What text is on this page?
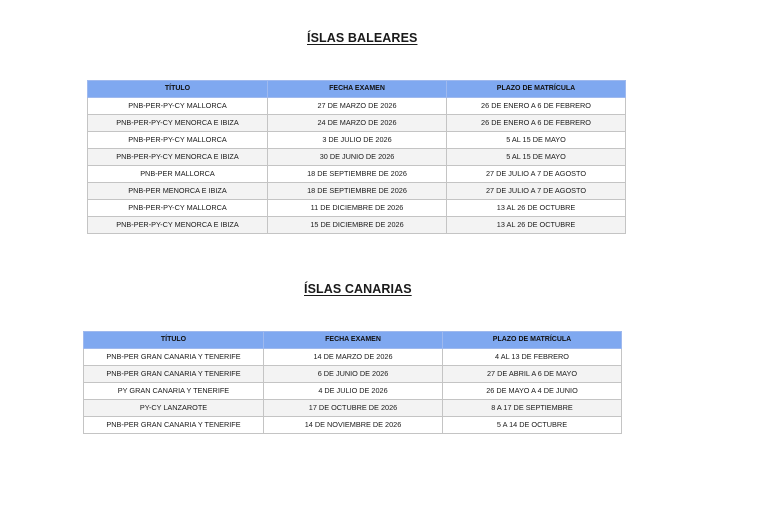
ÍSLAS BALEARES
TÍTULO	FECHA EXAMEN	PLAZO DE MATRÍCULA
PNB-PER-PY-CY MALLORCA	27 DE MARZO DE 2026	26 DE ENERO A 6 DE FEBRERO
PNB-PER-PY-CY MENORCA E IBIZA	24 DE MARZO DE 2026	26 DE ENERO A 6 DE FEBRERO
PNB-PER-PY-CY MALLORCA	3 DE JULIO DE 2026	5 AL 15 DE MAYO
PNB-PER-PY-CY MENORCA E IBIZA	30 DE JUNIO DE 2026	5 AL 15 DE MAYO
PNB-PER MALLORCA	18 DE SEPTIEMBRE DE 2026	27 DE JULIO A 7 DE AGOSTO
PNB-PER MENORCA E IBIZA	18 DE SEPTIEMBRE DE 2026	27 DE JULIO A 7 DE AGOSTO
PNB-PER-PY-CY MALLORCA	11 DE DICIEMBRE DE 2026	13 AL 26 DE OCTUBRE
PNB-PER-PY-CY MENORCA E IBIZA	15 DE DICIEMBRE DE 2026	13 AL 26 DE OCTUBRE
ÍSLAS CANARIAS
TÍTULO	FECHA EXAMEN	PLAZO DE MATRÍCULA
PNB-PER GRAN CANARIA Y TENERIFE	14 DE MARZO DE 2026	4 AL 13 DE FEBRERO
PNB-PER GRAN CANARIA Y TENERIFE	6 DE JUNIO DE 2026	27 DE ABRIL A 6 DE MAYO
PY GRAN CANARIA Y TENERIFE	4 DE JULIO DE 2026	26 DE MAYO A 4 DE JUNIO
PY-CY LANZAROTE	17 DE OCTUBRE DE 2026	8 A 17 DE SEPTIEMBRE
PNB-PER GRAN CANARIA Y TENERIFE	14 DE NOVIEMBRE DE 2026	5 A 14 DE OCTUBRE
